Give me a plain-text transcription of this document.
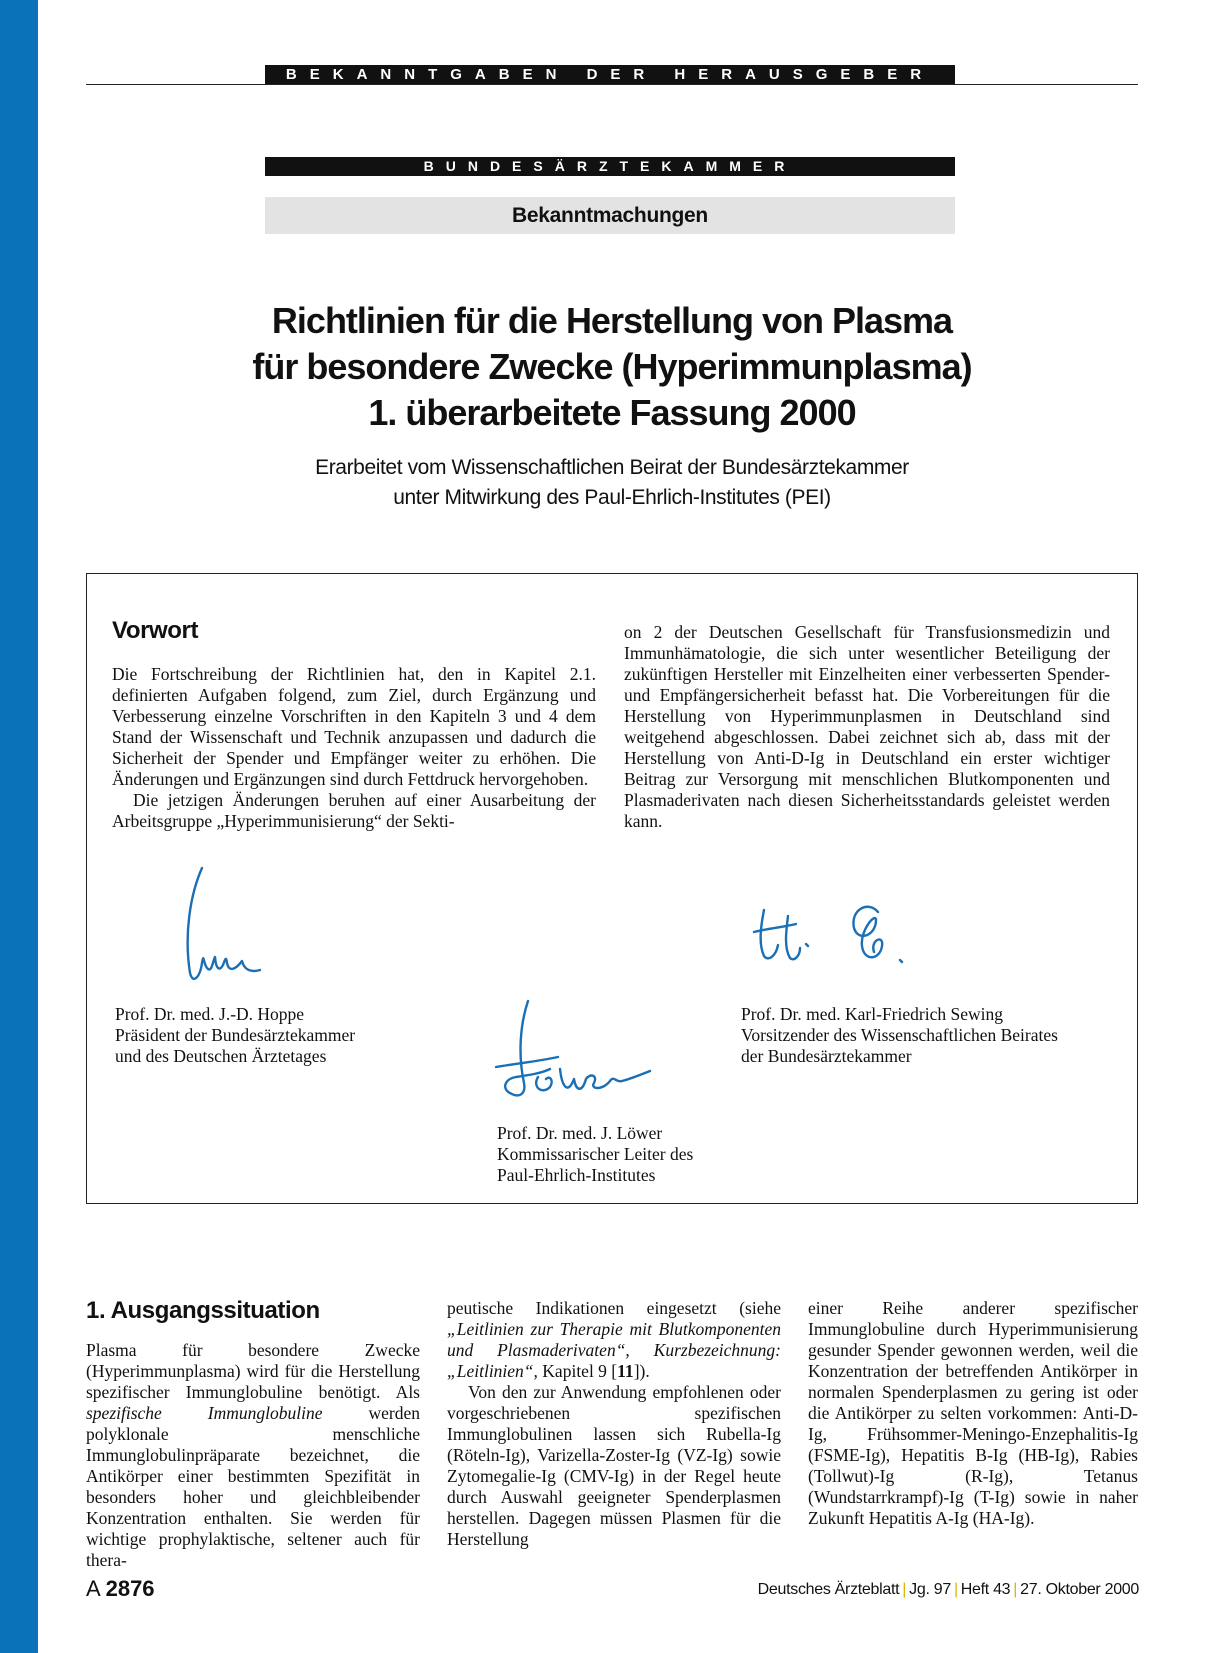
BEKANNTGABEN DER HERAUSGEBER
BUNDESÄRZTEKAMMER
Bekanntmachungen
Richtlinien für die Herstellung von Plasma
für besondere Zwecke (Hyperimmunplasma)
1. überarbeitete Fassung 2000
Erarbeitet vom Wissenschaftlichen Beirat der Bundesärztekammer
unter Mitwirkung des Paul-Ehrlich-Institutes (PEI)
Vorwort

Die Fortschreibung der Richtlinien hat, den in Kapitel 2.1. definierten Aufgaben folgend, zum Ziel, durch Ergänzung und Verbesserung einzelne Vorschriften in den Kapiteln 3 und 4 dem Stand der Wissenschaft und Technik anzupassen und dadurch die Sicherheit der Spender und Empfänger weiter zu erhöhen. Die Änderungen und Ergänzungen sind durch Fettdruck hervorgehoben.

Die jetzigen Änderungen beruhen auf einer Ausarbeitung der Arbeitsgruppe „Hyperimmunisierung“ der Sekti-

on 2 der Deutschen Gesellschaft für Transfusionsmedizin und Immunhämatologie, die sich unter wesentlicher Beteiligung der zukünftigen Hersteller mit Einzelheiten einer verbesserten Spender- und Empfängersicherheit befasst hat. Die Vorbereitungen für die Herstellung von Hyperimmunplasmen in Deutschland sind weitgehend abgeschlossen. Dabei zeichnet sich ab, dass mit der Herstellung von Anti-D-Ig in Deutschland ein erster wichtiger Beitrag zur Versorgung mit menschlichen Blutkomponenten und Plasmaderivaten nach diesen Sicherheitsstandards geleistet werden kann.

Prof. Dr. med. J.-D. Hoppe
Präsident der Bundesärztekammer
und des Deutschen Ärztetages
Prof. Dr. med. Karl-Friedrich Sewing
Vorsitzender des Wissenschaftlichen Beirates
der Bundesärztekammer
Prof. Dr. med. J. Löwer
Kommissarischer Leiter des
Paul-Ehrlich-Institutes
1. Ausgangssituation

Plasma für besondere Zwecke (Hyperimmunplasma) wird für die Herstellung spezifischer Immunglobuline benötigt. Als spezifische Immunglobuline werden polyklonale menschliche Immunglobulinpräparate bezeichnet, die Antikörper einer bestimmten Spezifität in besonders hoher und gleichbleibender Konzentration enthalten. Sie werden für wichtige prophylaktische, seltener auch für thera-

peutische Indikationen eingesetzt (siehe „Leitlinien zur Therapie mit Blutkomponenten und Plasmaderivaten“, Kurzbezeichnung: „Leitlinien“, Kapitel 9 [11]).

Von den zur Anwendung empfohlenen oder vorgeschriebenen spezifischen Immunglobulinen lassen sich Rubella-Ig (Röteln-Ig), Varizella-Zoster-Ig (VZ-Ig) sowie Zytomegalie-Ig (CMV-Ig) in der Regel heute durch Auswahl geeigneter Spenderplasmen herstellen. Dagegen müssen Plasmen für die Herstellung

einer Reihe anderer spezifischer Immunglobuline durch Hyperimmunisierung gesunder Spender gewonnen werden, weil die Konzentration der betreffenden Antikörper in normalen Spenderplasmen zu gering ist oder die Antikörper zu selten vorkommen: Anti-D-Ig, Frühsommer-Meningo-Enzephalitis-Ig (FSME-Ig), Hepatitis B-Ig (HB-Ig), Rabies (Tollwut)-Ig (R-Ig), Tetanus (Wundstarrkrampf)-Ig (T-Ig) sowie in naher Zukunft Hepatitis A-Ig (HA-Ig).

A 2876	Deutsches Ärzteblatt | Jg. 97 | Heft 43 | 27. Oktober 2000
